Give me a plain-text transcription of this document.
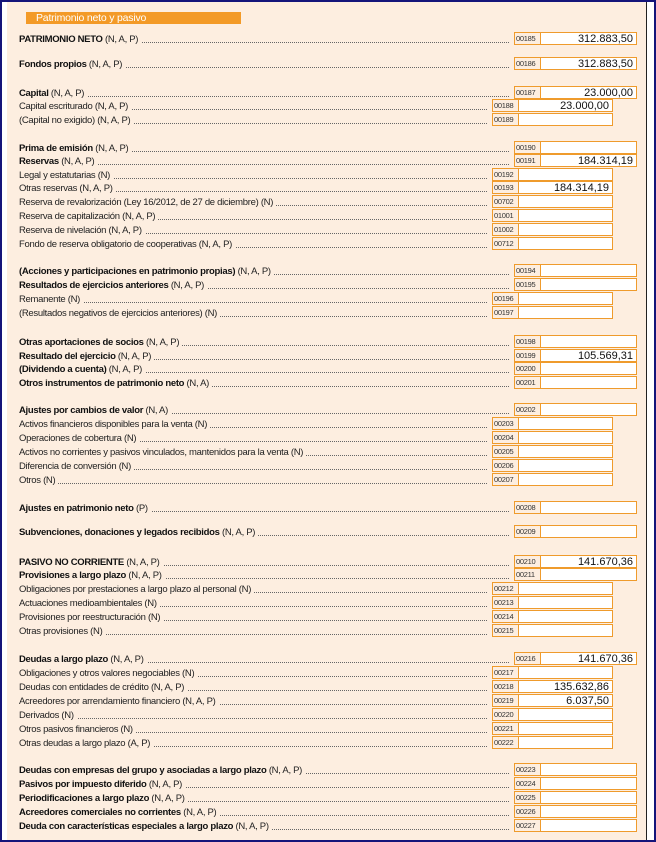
Patrimonio neto y pasivo
PATRIMONIO NETO (N, A, P)	00185	312.883,50
Fondos propios (N, A, P)	00186	312.883,50
Capital (N, A, P)	00187	23.000,00
Capital escriturado (N, A, P)	00188	23.000,00
(Capital no exigido) (N, A, P)	00189
Prima de emisión (N, A, P)	00190
Reservas (N, A, P)	00191	184.314,19
Legal y estatutarias (N)	00192
Otras reservas (N, A, P)	00193	184.314,19
Reserva de revalorización (Ley 16/2012, de 27 de diciembre) (N)	00702
Reserva de capitalización (N, A, P)	01001
Reserva de nivelación (N, A, P)	01002
Fondo de reserva obligatorio de cooperativas (N, A, P)	00712
(Acciones y participaciones en patrimonio propias) (N, A, P)	00194
Resultados de ejercicios anteriores (N, A, P)	00195
Remanente (N)	00196
(Resultados negativos de ejercicios anteriores) (N)	00197
Otras aportaciones de socios (N, A, P)	00198
Resultado del ejercicio (N, A, P)	00199	105.569,31
(Dividendo a cuenta) (N, A, P)	00200
Otros instrumentos de patrimonio neto (N, A)	00201
Ajustes por cambios de valor (N, A)	00202
Activos financieros disponibles para la venta (N)	00203
Operaciones de cobertura (N)	00204
Activos no corrientes y pasivos vinculados, mantenidos para la venta (N)	00205
Diferencia de conversión (N)	00206
Otros (N)	00207
Ajustes en patrimonio neto (P)	00208
Subvenciones, donaciones y legados recibidos (N, A, P)	00209
PASIVO NO CORRIENTE (N, A, P)	00210	141.670,36
Provisiones a largo plazo (N, A, P)	00211
Obligaciones por prestaciones a largo plazo al personal (N)	00212
Actuaciones medioambientales (N)	00213
Provisiones por reestructuración (N)	00214
Otras provisiones (N)	00215
Deudas a largo plazo (N, A, P)	00216	141.670,36
Obligaciones y otros valores negociables (N)	00217
Deudas con entidades de crédito (N, A, P)	00218	135.632,86
Acreedores por arrendamiento financiero (N, A, P)	00219	6.037,50
Derivados (N)	00220
Otros pasivos financieros (N)	00221
Otras deudas a largo plazo (A, P)	00222
Deudas con empresas del grupo y asociadas a largo plazo (N, A, P)	00223
Pasivos por impuesto diferido (N, A, P)	00224
Periodificaciones a largo plazo (N, A, P)	00225
Acreedores comerciales no corrientes (N, A, P)	00226
Deuda con características especiales a largo plazo (N, A, P)	00227
